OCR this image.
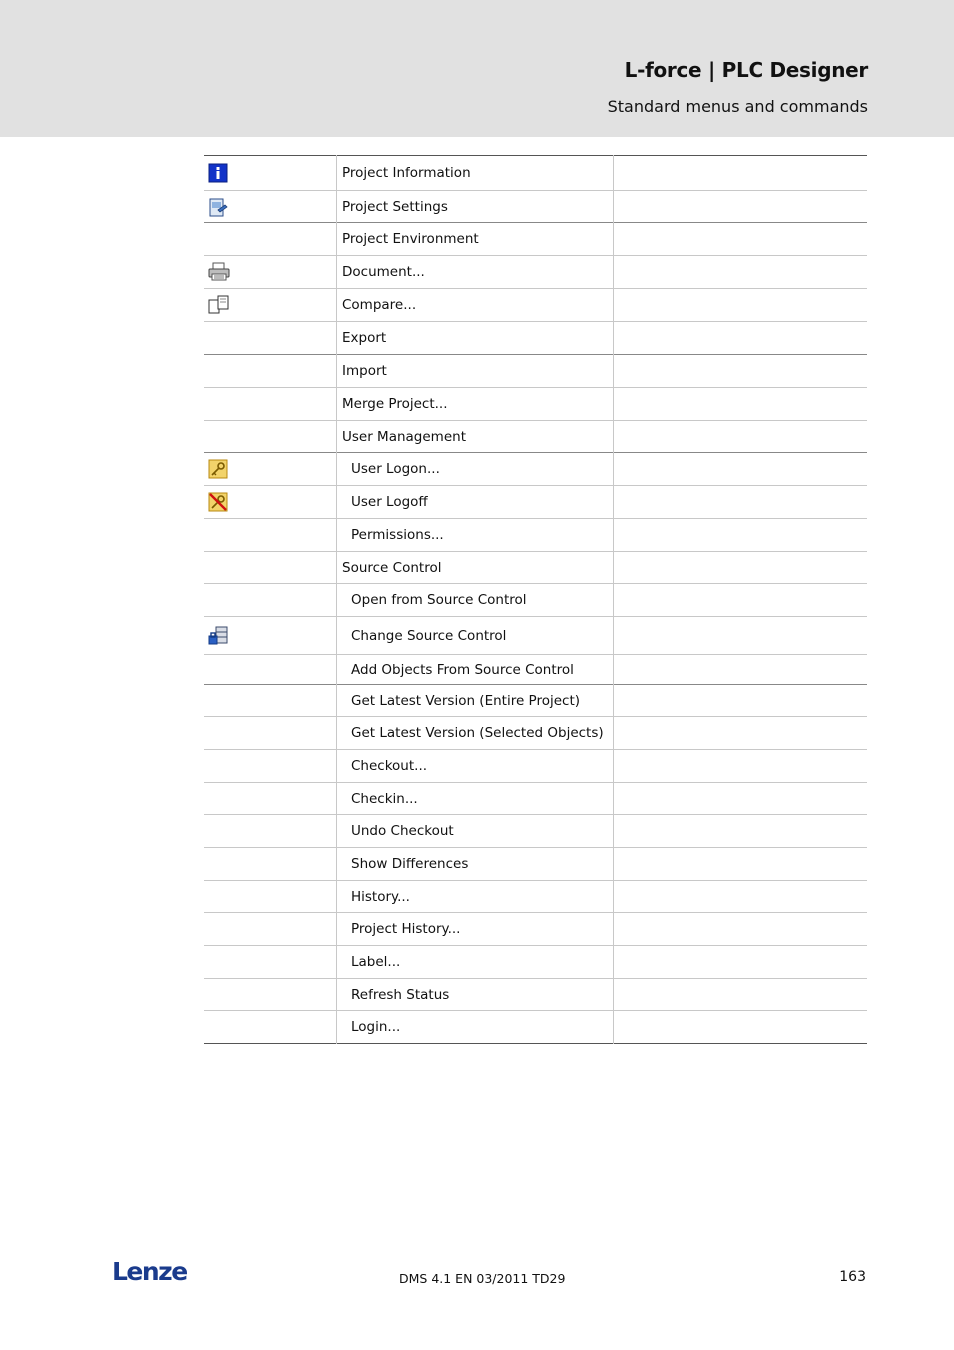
L-force | PLC Designer
Standard menus and commands
	Project Information	

	Project Settings	
	Project Environment	

	Document...	

	Compare...	
	Export	
	Import	
	Merge Project...	
	User Management	

	User Logon...	

	User Logoff	
	Permissions...	
	Source Control	
	Open from Source Control	

	Change Source Control	
	Add Objects From Source Control	
	Get Latest Version (Entire Project)	
	Get Latest Version (Selected Objects)	
	Checkout...	
	Checkin...	
	Undo Checkout	
	Show Differences	
	History...	
	Project History...	
	Label...	
	Refresh Status	
	Login...	
Lenze	DMS 4.1 EN 03/2011 TD29	163
